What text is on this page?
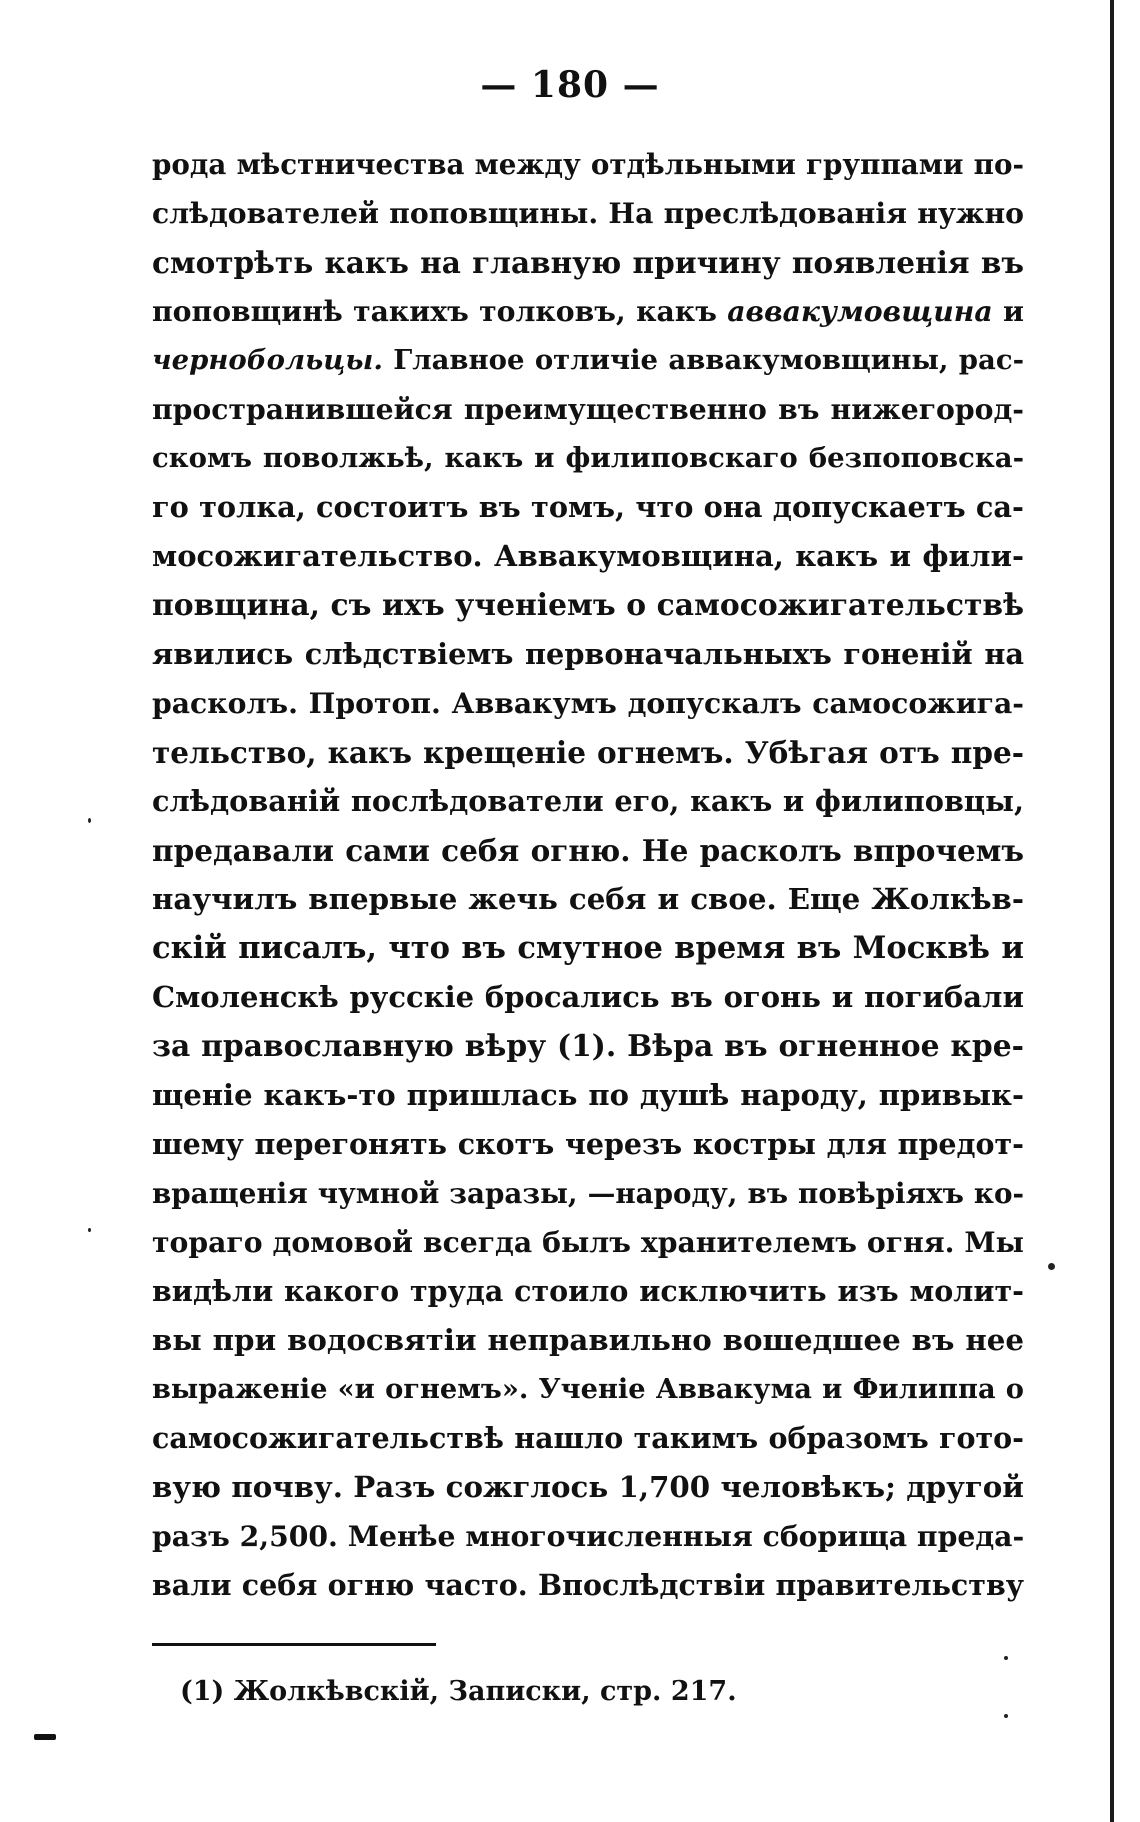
— 180 —
рода мѣстничества между отдѣльными группами по-
слѣдователей поповщины. На преслѣдованія нужно
смотрѣть какъ на главную причину появленія въ
поповщинѣ такихъ толковъ, какъ аввакумовщина и
чернобольцы. Главное отличіе аввакумовщины, рас-
пространившейся преимущественно въ нижегород-
скомъ поволжьѣ, какъ и филиповскаго безпоповска-
го толка, состоитъ въ томъ, что она допускаетъ са-
мосожигательство. Аввакумовщина, какъ и фили-
повщина, съ ихъ ученіемъ о самосожигательствѣ
явились слѣдствіемъ первоначальныхъ гоненій на
расколъ. Протоп. Аввакумъ допускалъ самосожига-
тельство, какъ крещеніе огнемъ. Убѣгая отъ пре-
слѣдованій послѣдователи его, какъ и филиповцы,
предавали сами себя огню. Не расколъ впрочемъ
научилъ впервые жечь себя и свое. Еще Жолкѣв-
скій писалъ, что въ смутное время въ Москвѣ и
Смоленскѣ русскіе бросались въ огонь и погибали
за православную вѣру (1). Вѣра въ огненное кре-
щеніе какъ-то пришлась по душѣ народу, привык-
шему перегонять скотъ черезъ костры для предот-
вращенія чумной заразы, —народу, въ повѣріяхъ ко-
тораго домовой всегда былъ хранителемъ огня. Мы
видѣли какого труда стоило исключить изъ молит-
вы при водосвятіи неправильно вошедшее въ нее
выраженіе «и огнемъ». Ученіе Аввакума и Филиппа о
самосожигательствѣ нашло такимъ образомъ гото-
вую почву. Разъ сожглось 1,700 человѣкъ; другой
разъ 2,500. Менѣе многочисленныя сборища преда-
вали себя огню часто. Впослѣдствіи правительству
(1) Жолкѣвскій, Записки, стр. 217.
